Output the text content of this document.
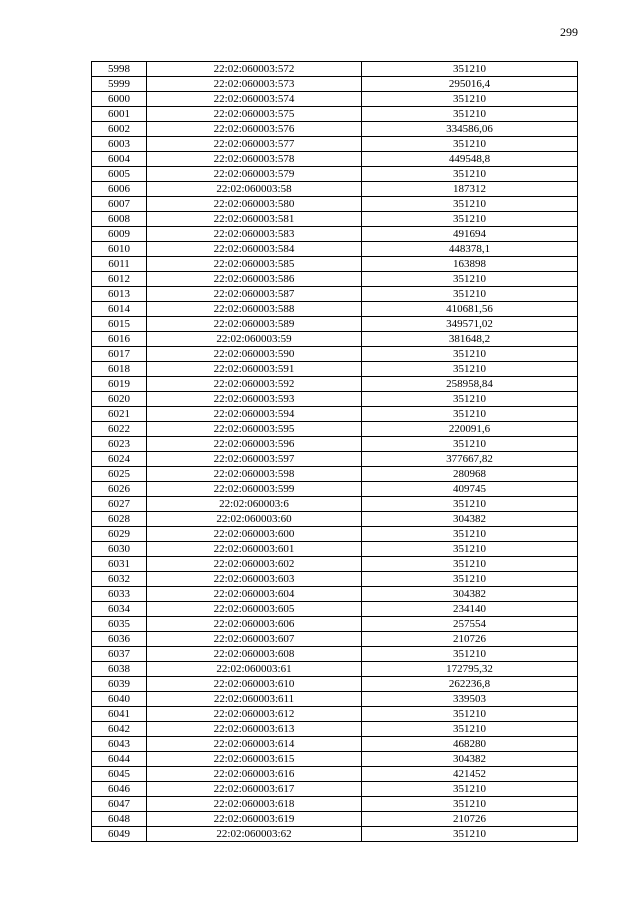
299
5998	22:02:060003:572	351210
5999	22:02:060003:573	295016,4
6000	22:02:060003:574	351210
6001	22:02:060003:575	351210
6002	22:02:060003:576	334586,06
6003	22:02:060003:577	351210
6004	22:02:060003:578	449548,8
6005	22:02:060003:579	351210
6006	22:02:060003:58	187312
6007	22:02:060003:580	351210
6008	22:02:060003:581	351210
6009	22:02:060003:583	491694
6010	22:02:060003:584	448378,1
6011	22:02:060003:585	163898
6012	22:02:060003:586	351210
6013	22:02:060003:587	351210
6014	22:02:060003:588	410681,56
6015	22:02:060003:589	349571,02
6016	22:02:060003:59	381648,2
6017	22:02:060003:590	351210
6018	22:02:060003:591	351210
6019	22:02:060003:592	258958,84
6020	22:02:060003:593	351210
6021	22:02:060003:594	351210
6022	22:02:060003:595	220091,6
6023	22:02:060003:596	351210
6024	22:02:060003:597	377667,82
6025	22:02:060003:598	280968
6026	22:02:060003:599	409745
6027	22:02:060003:6	351210
6028	22:02:060003:60	304382
6029	22:02:060003:600	351210
6030	22:02:060003:601	351210
6031	22:02:060003:602	351210
6032	22:02:060003:603	351210
6033	22:02:060003:604	304382
6034	22:02:060003:605	234140
6035	22:02:060003:606	257554
6036	22:02:060003:607	210726
6037	22:02:060003:608	351210
6038	22:02:060003:61	172795,32
6039	22:02:060003:610	262236,8
6040	22:02:060003:611	339503
6041	22:02:060003:612	351210
6042	22:02:060003:613	351210
6043	22:02:060003:614	468280
6044	22:02:060003:615	304382
6045	22:02:060003:616	421452
6046	22:02:060003:617	351210
6047	22:02:060003:618	351210
6048	22:02:060003:619	210726
6049	22:02:060003:62	351210
